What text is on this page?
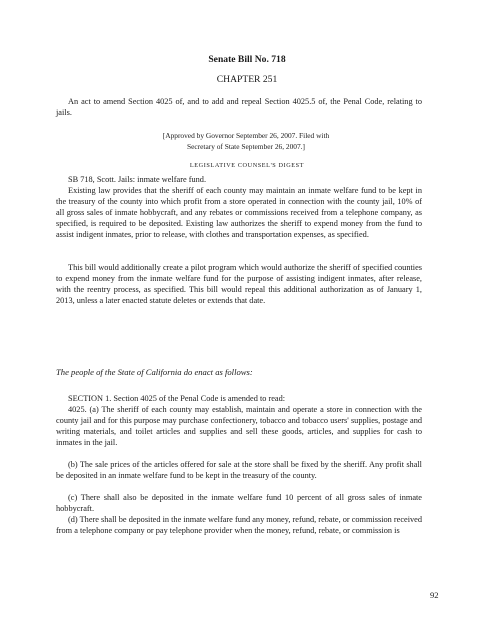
Senate Bill No. 718
CHAPTER 251

An act to amend Section 4025 of, and to add and repeal Section 4025.5 of, the Penal Code, relating to jails.

[Approved by Governor September 26, 2007. Filed with
Secretary of State September 26, 2007.]
LEGISLATIVE COUNSEL'S DIGEST

SB 718, Scott. Jails: inmate welfare fund.

Existing law provides that the sheriff of each county may maintain an inmate welfare fund to be kept in the treasury of the county into which profit from a store operated in connection with the county jail, 10% of all gross sales of inmate hobbycraft, and any rebates or commissions received from a telephone company, as specified, is required to be deposited. Existing law authorizes the sheriff to expend money from the fund to assist indigent inmates, prior to release, with clothes and transportation expenses, as specified.

This bill would additionally create a pilot program which would authorize the sheriff of specified counties to expend money from the inmate welfare fund for the purpose of assisting indigent inmates, after release, with the reentry process, as specified. This bill would repeal this additional authorization as of January 1, 2013, unless a later enacted statute deletes or extends that date.

The people of the State of California do enact as follows:

SECTION 1. Section 4025 of the Penal Code is amended to read:

4025. (a) The sheriff of each county may establish, maintain and operate a store in connection with the county jail and for this purpose may purchase confectionery, tobacco and tobacco users' supplies, postage and writing materials, and toilet articles and supplies and sell these goods, articles, and supplies for cash to inmates in the jail.

(b) The sale prices of the articles offered for sale at the store shall be fixed by the sheriff. Any profit shall be deposited in an inmate welfare fund to be kept in the treasury of the county.

(c) There shall also be deposited in the inmate welfare fund 10 percent of all gross sales of inmate hobbycraft.

(d) There shall be deposited in the inmate welfare fund any money, refund, rebate, or commission received from a telephone company or pay telephone provider when the money, refund, rebate, or commission is

92
